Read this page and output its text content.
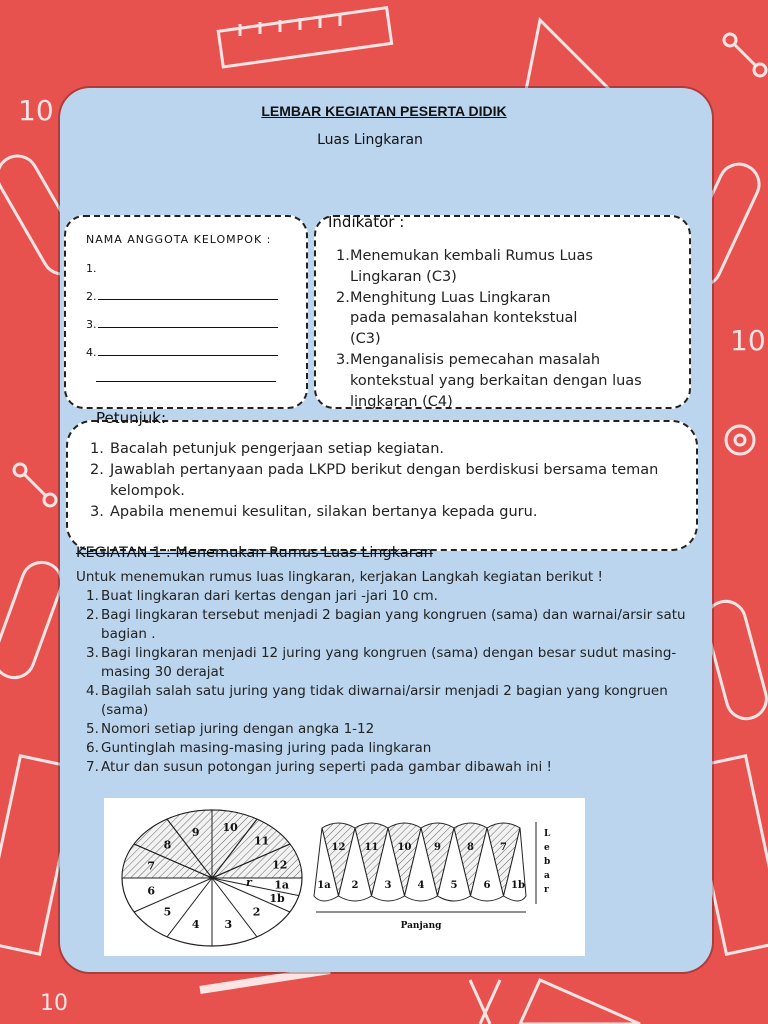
10
10
10
LEMBAR KEGIATAN PESERTA DIDIK
Luas Lingkaran
NAMA ANGGOTA KELOMPOK :
1.
2.
3.
4.
Indikator :
1. Menemukan kembali Rumus Luas
Lingkaran (C3)
2. Menghitung Luas Lingkaran
pada pemasalahan kontekstual
(C3)
3. Menganalisis pemecahan masalah
kontekstual yang berkaitan dengan luas
lingkaran (C4)
Petunjuk:
1. Bacalah petunjuk pengerjaan setiap kegiatan.
2. Jawablah pertanyaan pada LKPD berikut dengan berdiskusi bersama teman kelompok.
3. Apabila menemui kesulitan, silakan bertanya kepada guru.
KEGIATAN 1 : Menemukan Rumus Luas Lingkaran
Untuk menemukan rumus luas lingkaran, kerjakan Langkah kegiatan berikut !
1. Buat lingkaran dari kertas dengan jari -jari 10 cm.
2. Bagi lingkaran tersebut menjadi 2 bagian yang kongruen (sama) dan warnai/arsir satu bagian .
3. Bagi lingkaran menjadi 12 juring yang kongruen (sama) dengan besar sudut masing-masing 30 derajat
4. Bagilah salah satu juring yang tidak diwarnai/arsir menjadi 2 bagian yang kongruen (sama)
5. Nomori setiap juring dengan angka 1-12
6. Guntinglah masing-masing juring pada lingkaran
7. Atur dan susun potongan juring seperti pada gambar dibawah ini !
1a
1b
2
3
4
5
6
7
8
9 10
11
12
r
12 11 10 9	8	7
1a 2	3	4	5	6 1b
L
e
b
a
r
Panjang
